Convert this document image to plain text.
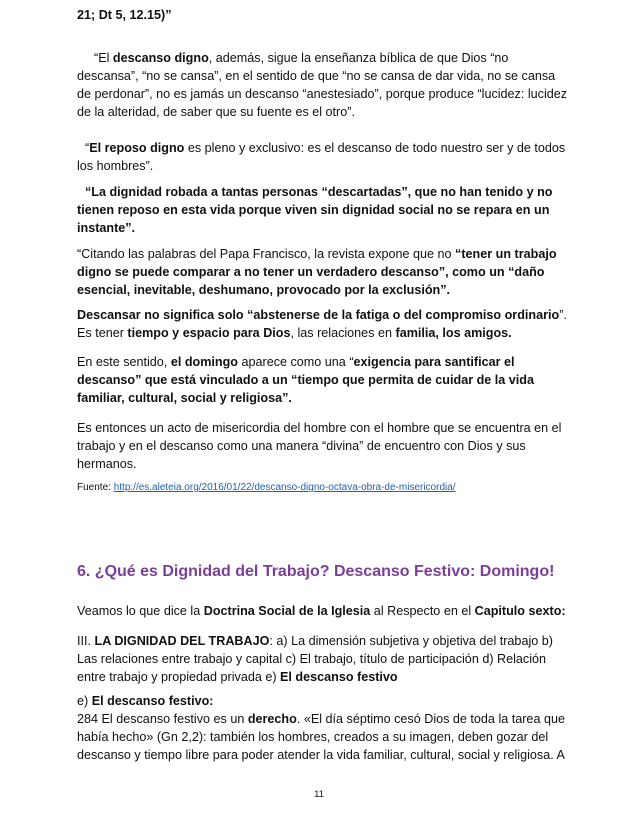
21; Dt 5, 12.15)”

“El descanso digno, además, sigue la enseñanza bíblica de que Dios “no descansa”, “no se cansa”, en el sentido de que “no se cansa de dar vida, no se cansa de perdonar”, no es jamás un descanso “anestesiado”, porque produce “lucidez: lucidez de la alteridad, de saber que su fuente es el otro”.

“El reposo digno es pleno y exclusivo: es el descanso de todo nuestro ser y de todos los hombres”.

“La dignidad robada a tantas personas “descartadas”, que no han tenido y no tienen reposo en esta vida porque viven sin dignidad social no se repara en un instante”.

“Citando las palabras del Papa Francisco, la revista expone que no “tener un trabajo digno se puede comparar a no tener un verdadero descanso”, como un “daño esencial, inevitable, deshumano, provocado por la exclusión”.

Descansar no significa solo “abstenerse de la fatiga o del compromiso ordinario”. Es tener tiempo y espacio para Dios, las relaciones en familia, los amigos.

En este sentido, el domingo aparece como una “exigencia para santificar el descanso” que está vinculado a un “tiempo que permita de cuidar de la vida familiar, cultural, social y religiosa”.

Es entonces un acto de misericordia del hombre con el hombre que se encuentra en el trabajo y en el descanso como una manera “divina” de encuentro con Dios y sus hermanos.

Fuente: http://es.aleteia.org/2016/01/22/descanso-digno-octava-obra-de-misericordia/

6. ¿Qué es Dignidad del Trabajo? Descanso Festivo: Domingo!

Veamos lo que dice la Doctrina Social de la Iglesia al Respecto en el Capitulo sexto:

III. LA DIGNIDAD DEL TRABAJO: a) La dimensión subjetiva y objetiva del trabajo b) Las relaciones entre trabajo y capital c) El trabajo, título de participación d) Relación entre trabajo y propiedad privada e) El descanso festivo

e) El descanso festivo:

284 El descanso festivo es un derecho. «El día séptimo cesó Dios de toda la tarea que había hecho» (Gn 2,2): también los hombres, creados a su imagen, deben gozar del descanso y tiempo libre para poder atender la vida familiar, cultural, social y religiosa. A

11
